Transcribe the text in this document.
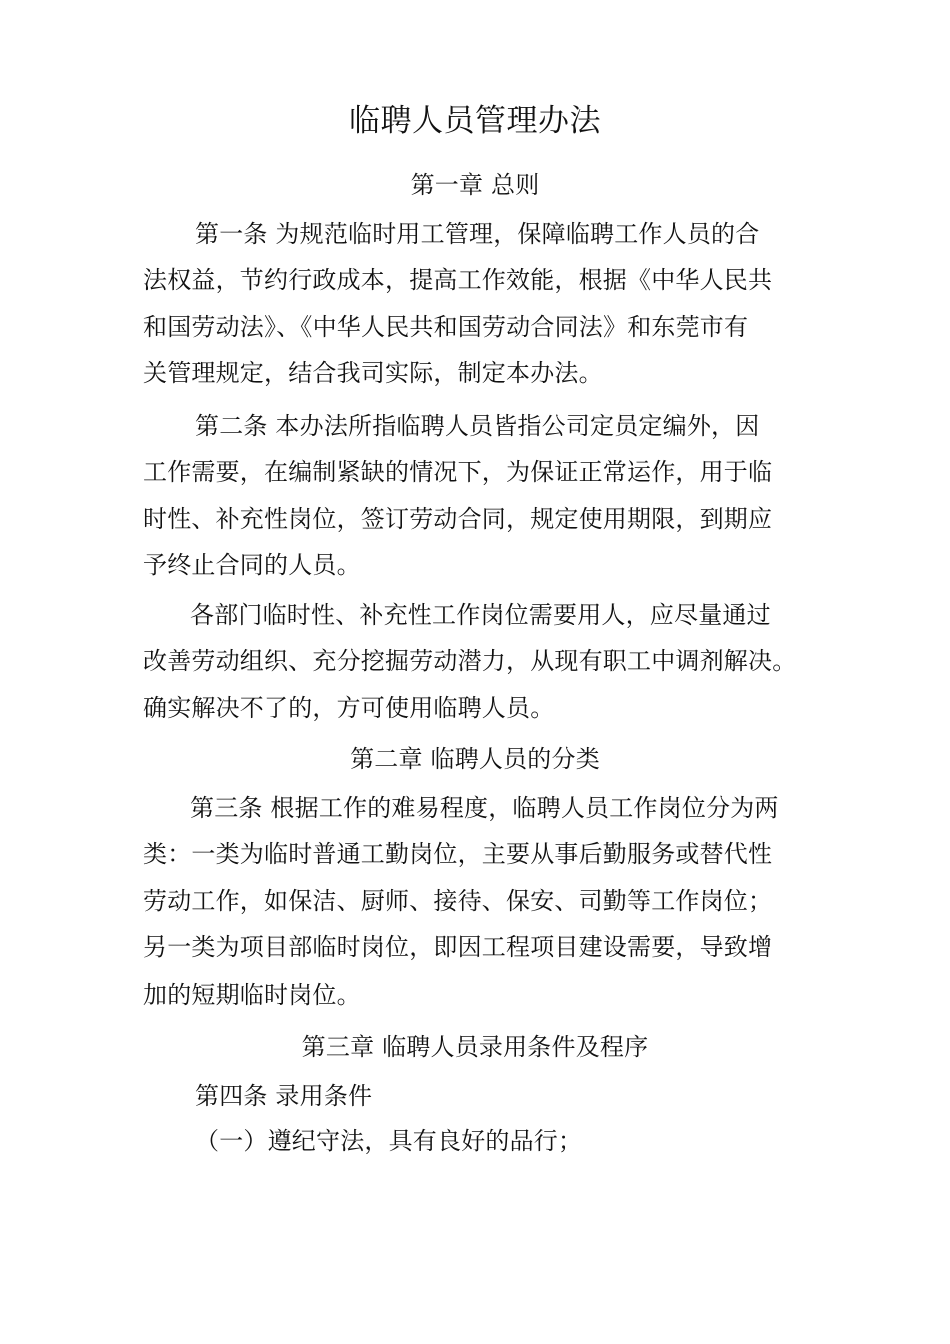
临聘人员管理办法
第一章 总则
第一条 为规范临时用工管理，保障临聘工作人员的合
法权益，节约行政成本，提高工作效能，根据《中华人民共
和国劳动法》、《中华人民共和国劳动合同法》和东莞市有
关管理规定，结合我司实际，制定本办法。
第二条 本办法所指临聘人员皆指公司定员定编外，因
工作需要，在编制紧缺的情况下，为保证正常运作，用于临
时性、补充性岗位，签订劳动合同，规定使用期限，到期应
予终止合同的人员。
各部门临时性、补充性工作岗位需要用人，应尽量通过
改善劳动组织、充分挖掘劳动潜力，从现有职工中调剂解决。
确实解决不了的，方可使用临聘人员。
第二章 临聘人员的分类
第三条 根据工作的难易程度，临聘人员工作岗位分为两
类：一类为临时普通工勤岗位，主要从事后勤服务或替代性
劳动工作，如保洁、厨师、接待、保安、司勤等工作岗位；
另一类为项目部临时岗位，即因工程项目建设需要，导致增
加的短期临时岗位。
第三章 临聘人员录用条件及程序
第四条 录用条件
（一）遵纪守法，具有良好的品行；
